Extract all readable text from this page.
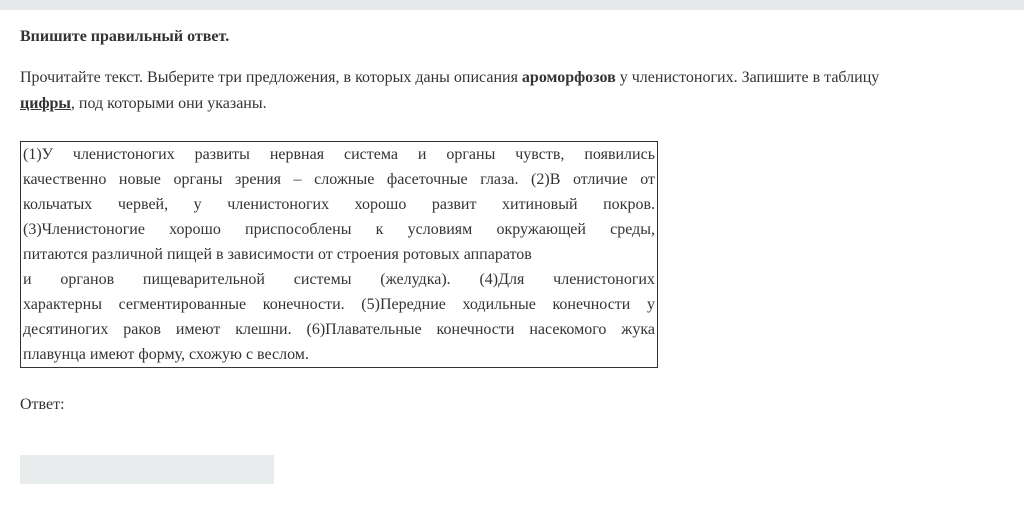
Впишите правильный ответ.

Прочитайте текст. Выберите три предложения, в которых даны описания ароморфозов у членистоногих. Запишите в таблицу
цифры, под которыми они указаны.

(1)У членистоногих развиты нервная система и органы чувств, появились
качественно новые органы зрения – сложные фасеточные глаза. (2)В отличие от
кольчатых червей, у членистоногих хорошо развит хитиновый покров.
(3)Членистоногие хорошо приспособлены к условиям окружающей среды,
питаются различной пищей в зависимости от строения ротовых аппаратов
и органов пищеварительной системы (желудка). (4)Для членистоногих
характерны сегментированные конечности. (5)Передние ходильные конечности у
десятиногих раков имеют клешни. (6)Плавательные конечности насекомого жука
плавунца имеют форму, схожую с веслом.

Ответ:
